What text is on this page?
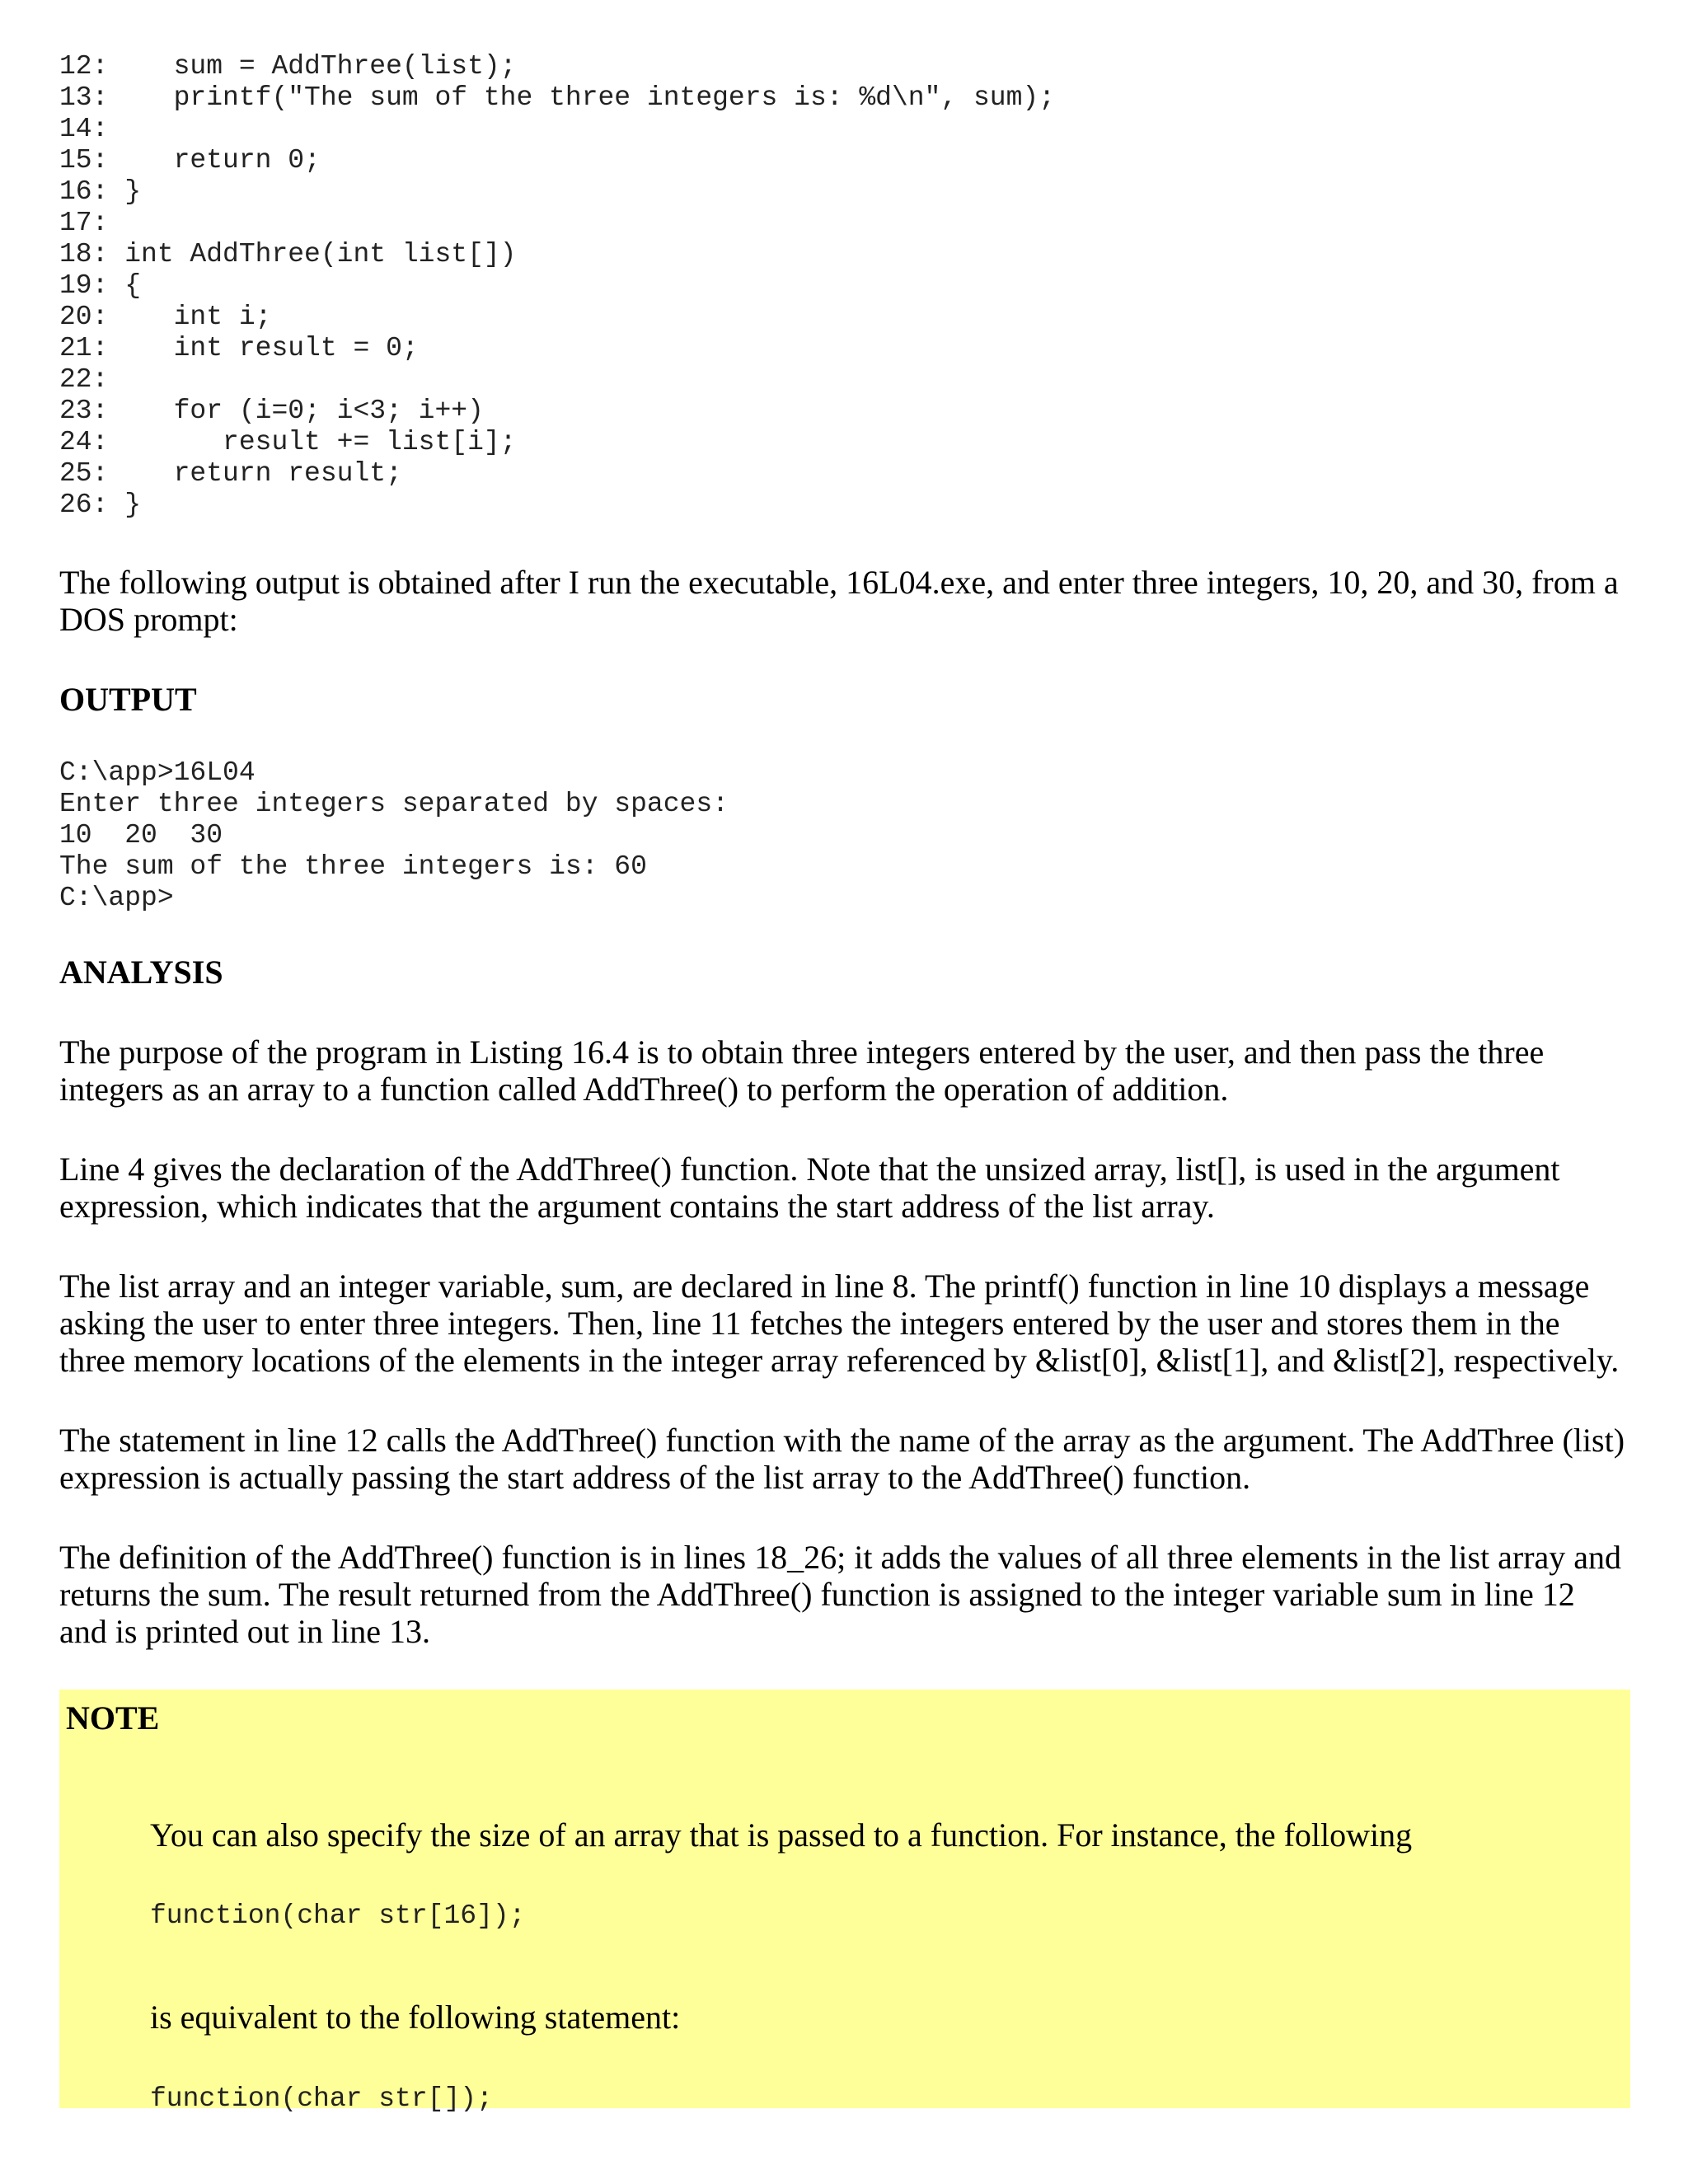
12:    sum = AddThree(list);
13:    printf("The sum of the three integers is: %d\n", sum);
14:
15:    return 0;
16: }
17:
18: int AddThree(int list[])
19: {
20:    int i;
21:    int result = 0;
22:
23:    for (i=0; i<3; i++)
24:       result += list[i];
25:    return result;
26: }

The following output is obtained after I run the executable, 16L04.exe, and enter three integers, 10, 20, and 30, from a DOS prompt:

OUTPUT
C:\app>16L04
Enter three integers separated by spaces:
10  20  30
The sum of the three integers is: 60
C:\app>
ANALYSIS

The purpose of the program in Listing 16.4 is to obtain three integers entered by the user, and then pass the three integers as an array to a function called AddThree() to perform the operation of addition.

Line 4 gives the declaration of the AddThree() function. Note that the unsized array, list[], is used in the argument expression, which indicates that the argument contains the start address of the list array.

The list array and an integer variable, sum, are declared in line 8. The printf() function in line 10 displays a message asking the user to enter three integers. Then, line 11 fetches the integers entered by the user and stores them in the three memory locations of the elements in the integer array referenced by &list[0], &list[1], and &list[2], respectively.

The statement in line 12 calls the AddThree() function with the name of the array as the argument. The AddThree (list) expression is actually passing the start address of the list array to the AddThree() function.

The definition of the AddThree() function is in lines 18_26; it adds the values of all three elements in the list array and returns the sum. The result returned from the AddThree() function is assigned to the integer variable sum in line 12 and is printed out in line 13.

NOTE
You can also specify the size of an array that is passed to a function. For instance, the following
function(char str[16]);
is equivalent to the following statement:
function(char str[]);
